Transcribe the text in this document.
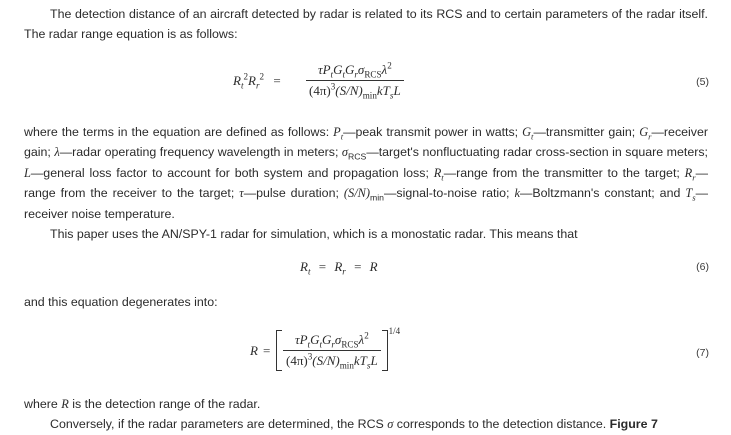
The detection distance of an aircraft detected by radar is related to its RCS and to certain parameters of the radar itself. The radar range equation is as follows:

$R_t^2R_r^2$ =	$\frac{\tau P_tG_tG_r\sigma_{RCS}\lambda^2}{(4\pi)^3(S/N)_{min}kT_sL}$	(5)

where the terms in the equation are defined as follows: $P_t—peak$ transmit power in watts; $G_t—transmitter$ gain; $G_r—receiver$ gain; λ—radar operating frequency wavelength in meters; $\sigma_{RCS}—target's$ nonfluctuating radar cross-section in square meters; L—general loss factor to account for both system and propagation loss; $R_t—range$ from the transmitter to the target; $R_r—range$ from the receiver to the target; τ—pulse duration; $(S/N)_{min}—signal-to$-noise ratio; k—Boltzmann's constant; and $T_s—receiver$ noise temperature.

This paper uses the AN/SPY-1 radar for simulation, which is a monostatic radar. This means that

$R_t = R_r = R$	(6)

and this equation degenerates into:

$R = \frac{\tau P_tG_tG_r\sigma_{RCS}\lambda^2}{(4\pi)^3(S/N)_{min}kT_sL}$
$^{1/4}$
(7)

where R is the detection range of the radar.

Conversely, if the radar parameters are determined, the RCS σ corresponds to the detection distance. Figure 7
